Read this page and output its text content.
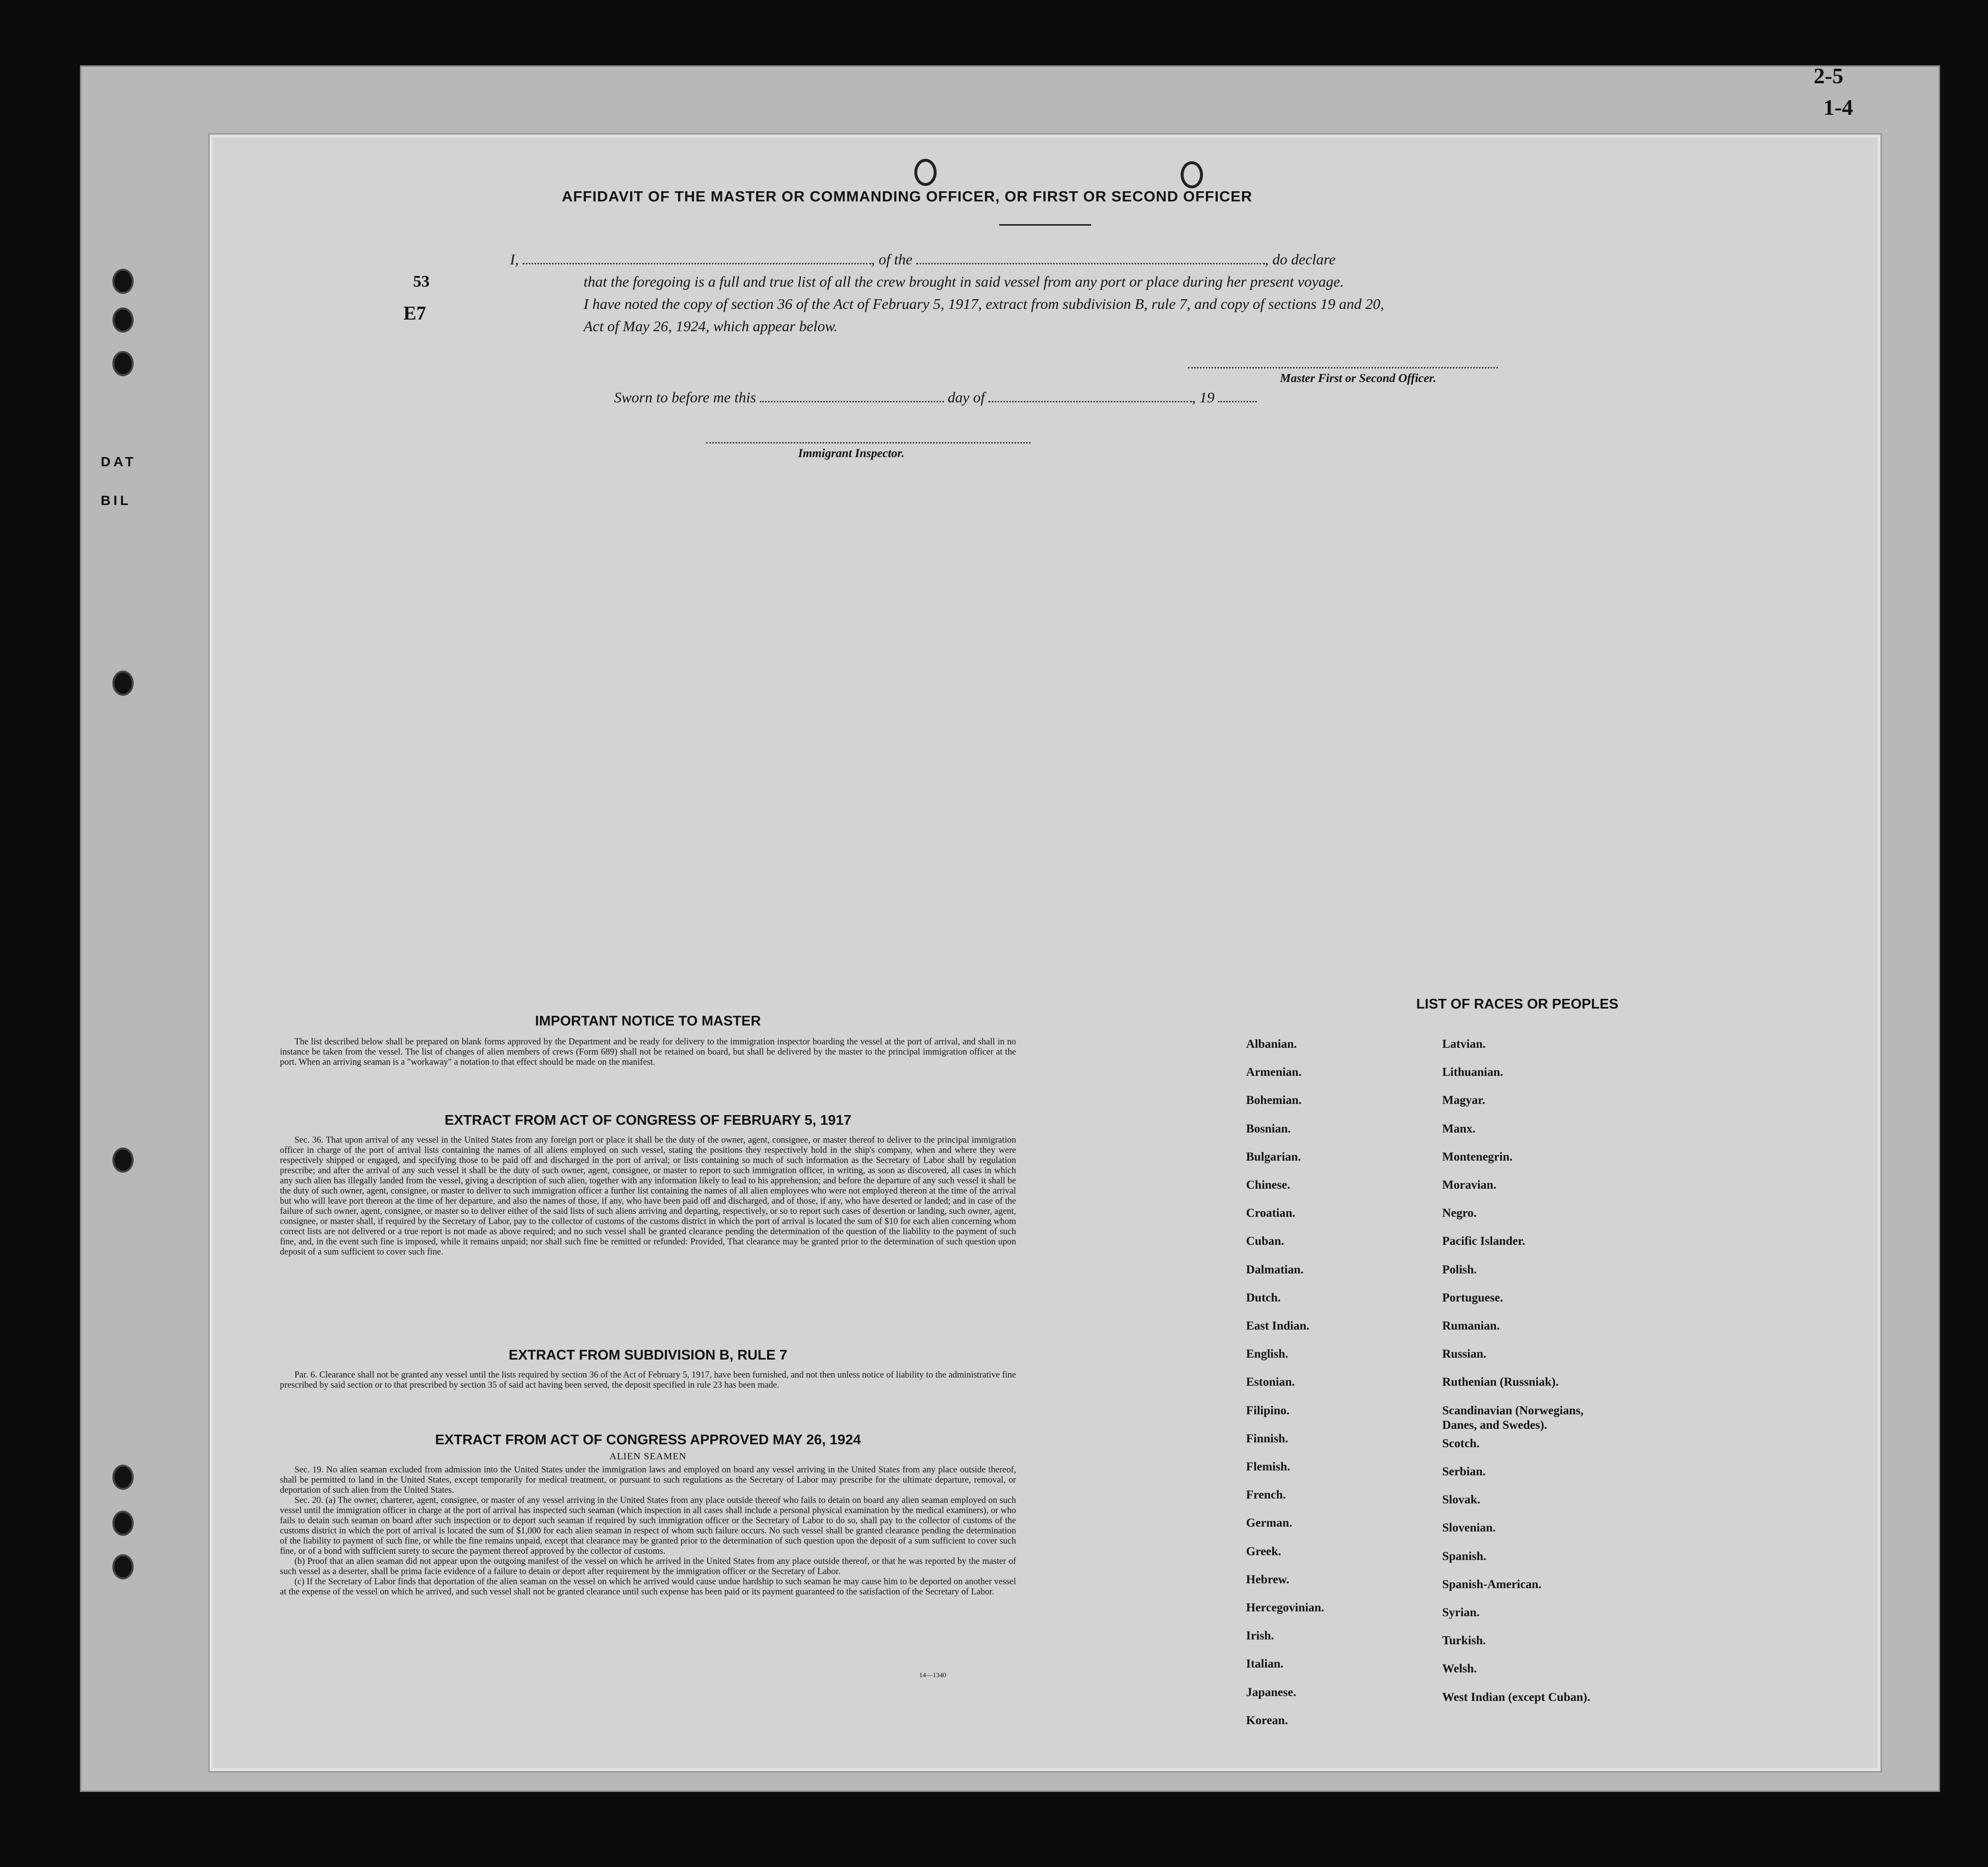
DAT
BIL
2-5
1-4
53
E7
AFFIDAVIT OF THE MASTER OR COMMANDING OFFICER, OR FIRST OR SECOND OFFICER
I,	, of the	, do declare
that the foregoing is a full and true list of all the crew brought in said vessel from any port or place during her present voyage.
I have noted the copy of section 36 of the Act of February 5, 1917, extract from subdivision B, rule 7, and copy of sections 19 and 20,
Act of May 26, 1924, which appear below.
Master First or Second Officer.
Sworn to before me this	day of	, 19
Immigrant Inspector.

IMPORTANT NOTICE TO MASTER

The list described below shall be prepared on blank forms approved by the Department and be ready for delivery to the immigration inspector boarding the vessel at the port of arrival, and shall in no instance be taken from the vessel. The list of changes of alien members of crews (Form 689) shall not be retained on board, but shall be delivered by the master to the principal immigration officer at the port. When an arriving seaman is a "workaway" a notation to that effect should be made on the manifest.

EXTRACT FROM ACT OF CONGRESS OF FEBRUARY 5, 1917

Sec. 36. That upon arrival of any vessel in the United States from any foreign port or place it shall be the duty of the owner, agent, consignee, or master thereof to deliver to the principal immigration officer in charge of the port of arrival lists containing the names of all aliens employed on such vessel, stating the positions they respectively hold in the ship's company, when and where they were respectively shipped or engaged, and specifying those to be paid off and discharged in the port of arrival; or lists containing so much of such information as the Secretary of Labor shall by regulation prescribe; and after the arrival of any such vessel it shall be the duty of such owner, agent, consignee, or master to report to such immigration officer, in writing, as soon as discovered, all cases in which any such alien has illegally landed from the vessel, giving a description of such alien, together with any information likely to lead to his apprehension; and before the departure of any such vessel it shall be the duty of such owner, agent, consignee, or master to deliver to such immigration officer a further list containing the names of all alien employees who were not employed thereon at the time of the arrival but who will leave port thereon at the time of her departure, and also the names of those, if any, who have been paid off and discharged, and of those, if any, who have deserted or landed; and in case of the failure of such owner, agent, consignee, or master so to deliver either of the said lists of such aliens arriving and departing, respectively, or so to report such cases of desertion or landing, such owner, agent, consignee, or master shall, if required by the Secretary of Labor, pay to the collector of customs of the customs district in which the port of arrival is located the sum of $10 for each alien concerning whom correct lists are not delivered or a true report is not made as above required; and no such vessel shall be granted clearance pending the determination of the question of the liability to the payment of such fine, and, in the event such fine is imposed, while it remains unpaid; nor shall such fine be remitted or refunded: Provided, That clearance may be granted prior to the determination of such question upon deposit of a sum sufficient to cover such fine.

EXTRACT FROM SUBDIVISION B, RULE 7

Par. 6. Clearance shall not be granted any vessel until the lists required by section 36 of the Act of February 5, 1917, have been furnished, and not then unless notice of liability to the administrative fine prescribed by said section or to that prescribed by section 35 of said act having been served, the deposit specified in rule 23 has been made.

EXTRACT FROM ACT OF CONGRESS APPROVED MAY 26, 1924

ALIEN SEAMEN

Sec. 19. No alien seaman excluded from admission into the United States under the immigration laws and employed on board any vessel arriving in the United States from any place outside thereof, shall be permitted to land in the United States, except temporarily for medical treatment, or pursuant to such regulations as the Secretary of Labor may prescribe for the ultimate departure, removal, or deportation of such alien from the United States.

Sec. 20. (a) The owner, charterer, agent, consignee, or master of any vessel arriving in the United States from any place outside thereof who fails to detain on board any alien seaman employed on such vessel until the immigration officer in charge at the port of arrival has inspected such seaman (which inspection in all cases shall include a personal physical examination by the medical examiners), or who fails to detain such seaman on board after such inspection or to deport such seaman if required by such immigration officer or the Secretary of Labor to do so, shall pay to the collector of customs of the customs district in which the port of arrival is located the sum of $1,000 for each alien seaman in respect of whom such failure occurs. No such vessel shall be granted clearance pending the determination of the liability to payment of such fine, or while the fine remains unpaid, except that clearance may be granted prior to the determination of such question upon the deposit of a sum sufficient to cover such fine, or of a bond with sufficient surety to secure the payment thereof approved by the collector of customs.

(b) Proof that an alien seaman did not appear upon the outgoing manifest of the vessel on which he arrived in the United States from any place outside thereof, or that he was reported by the master of such vessel as a deserter, shall be prima facie evidence of a failure to detain or deport after requirement by the immigration officer or the Secretary of Labor.

(c) If the Secretary of Labor finds that deportation of the alien seaman on the vessel on which he arrived would cause undue hardship to such seaman he may cause him to be deported on another vessel at the expense of the vessel on which he arrived, and such vessel shall not be granted clearance until such expense has been paid or its payment guaranteed to the satisfaction of the Secretary of Labor.

14—1340
LIST OF RACES OR PEOPLES
Albanian.
Armenian.
Bohemian.
Bosnian.
Bulgarian.
Chinese.
Croatian.
Cuban.
Dalmatian.
Dutch.
East Indian.
English.
Estonian.
Filipino.
Finnish.
Flemish.
French.
German.
Greek.
Hebrew.
Hercegovinian.
Irish.
Italian.
Japanese.
Korean.
Latvian.
Lithuanian.
Magyar.
Manx.
Montenegrin.
Moravian.
Negro.
Pacific Islander.
Polish.
Portuguese.
Rumanian.
Russian.
Ruthenian (Russniak).
Scandinavian (Norwegians,
Danes, and Swedes).
Scotch.
Serbian.
Slovak.
Slovenian.
Spanish.
Spanish-American.
Syrian.
Turkish.
Welsh.
West Indian (except Cuban).
